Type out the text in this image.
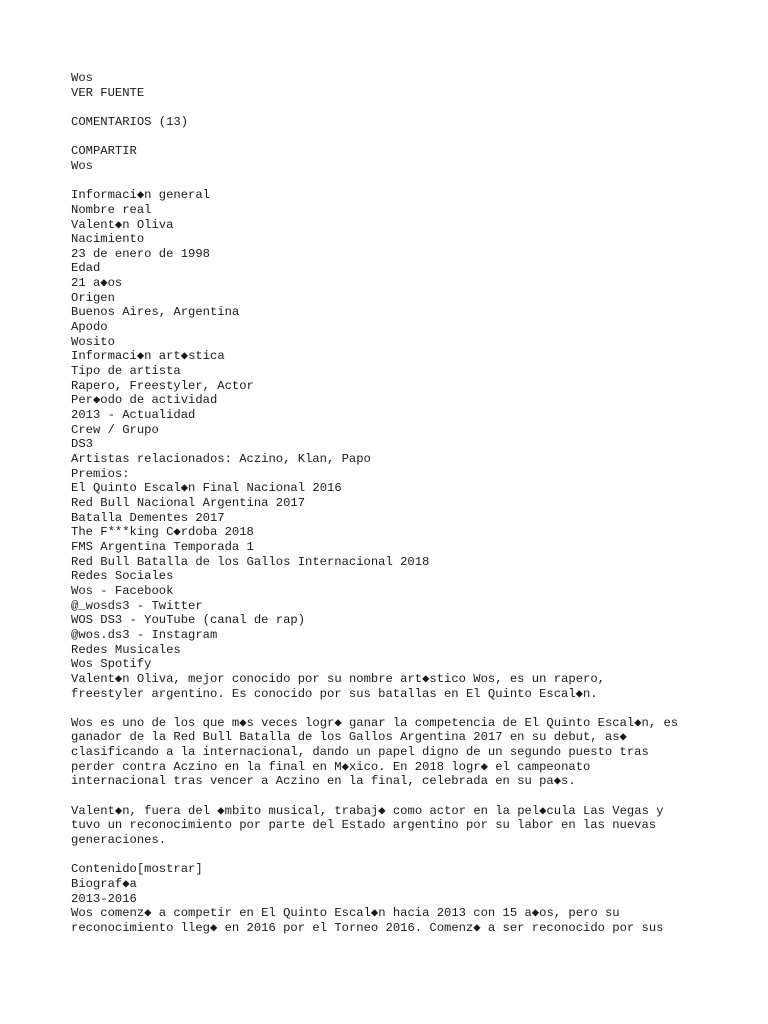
Wos
VER FUENTE
COMENTARIOS (13)
COMPARTIR
Wos
Informaci◆n general
Nombre real
Valent◆n Oliva
Nacimiento
23 de enero de 1998
Edad
21 a◆os
Origen
Buenos Aires, Argentina
Apodo
Wosito
Informaci◆n art◆stica
Tipo de artista
Rapero, Freestyler, Actor
Per◆odo de actividad
2013 - Actualidad
Crew / Grupo
DS3
Artistas relacionados: Aczino, Klan, Papo
Premios:
El Quinto Escal◆n Final Nacional 2016
Red Bull Nacional Argentina 2017
Batalla Dementes 2017
The F***king C◆rdoba 2018
FMS Argentina Temporada 1
Red Bull Batalla de los Gallos Internacional 2018
Redes Sociales
Wos - Facebook
@_wosds3 - Twitter
WOS DS3 - YouTube (canal de rap)
@wos.ds3 - Instagram
Redes Musicales
Wos Spotify
Valent◆n Oliva, mejor conocido por su nombre art◆stico Wos, es un rapero,
freestyler argentino. Es conocido por sus batallas en El Quinto Escal◆n.
Wos es uno de los que m◆s veces logr◆ ganar la competencia de El Quinto Escal◆n, es
ganador de la Red Bull Batalla de los Gallos Argentina 2017 en su debut, as◆
clasificando a la internacional, dando un papel digno de un segundo puesto tras
perder contra Aczino en la final en M◆xico. En 2018 logr◆ el campeonato
internacional tras vencer a Aczino en la final, celebrada en su pa◆s.
Valent◆n, fuera del ◆mbito musical, trabaj◆ como actor en la pel◆cula Las Vegas y
tuvo un reconocimiento por parte del Estado argentino por su labor en las nuevas
generaciones.
Contenido[mostrar]
Biograf◆a
2013-2016
Wos comenz◆ a competir en El Quinto Escal◆n hacia 2013 con 15 a◆os, pero su
reconocimiento lleg◆ en 2016 por el Torneo 2016. Comenz◆ a ser reconocido por sus
